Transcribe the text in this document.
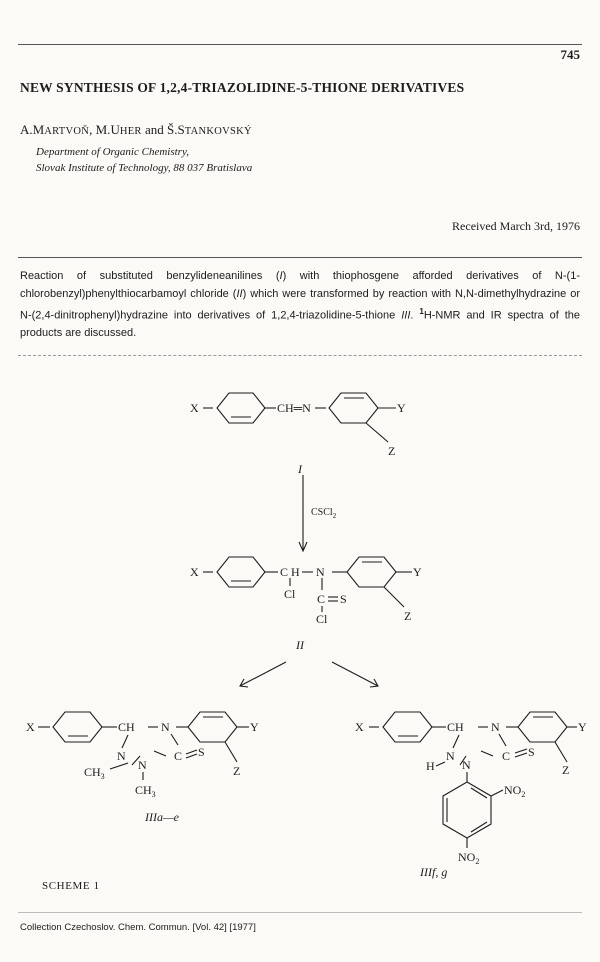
745
NEW SYNTHESIS OF 1,2,4-TRIAZOLIDINE-5-THIONE DERIVATIVES
A.MARTVOŇ, M.UHER and Š.STANKOVSKÝ
Department of Organic Chemistry,
Slovak Institute of Technology, 88 037 Bratislava
Received March 3rd, 1976
Reaction of substituted benzylideneanilines (I) with thiophosgene afforded derivatives of N-(1-chlorobenzyl)phenylthiocarbamoyl chloride (II) which were transformed by reaction with N,N-dimethylhydrazine or N-(2,4-dinitrophenyl)hydrazine into derivatives of 1,2,4-triazolidine-5-thione III. $^1$H-NMR and IR spectra of the products are discussed.
X	CH═N	Y
Z
I
CSCl$_2$
X	C H
Cl
N
C S
Cl
Y
Z
II
X	CH N
N
N
C S
$CH_3$
$CH_3$
Y
Z
IIIa—e
X	CH N
N
H N
C S
Y
Z
$NO_2$
$NO_2$
IIIf, g
SCHEME 1
Collection Czechoslov. Chem. Commun. [Vol. 42] [1977]
